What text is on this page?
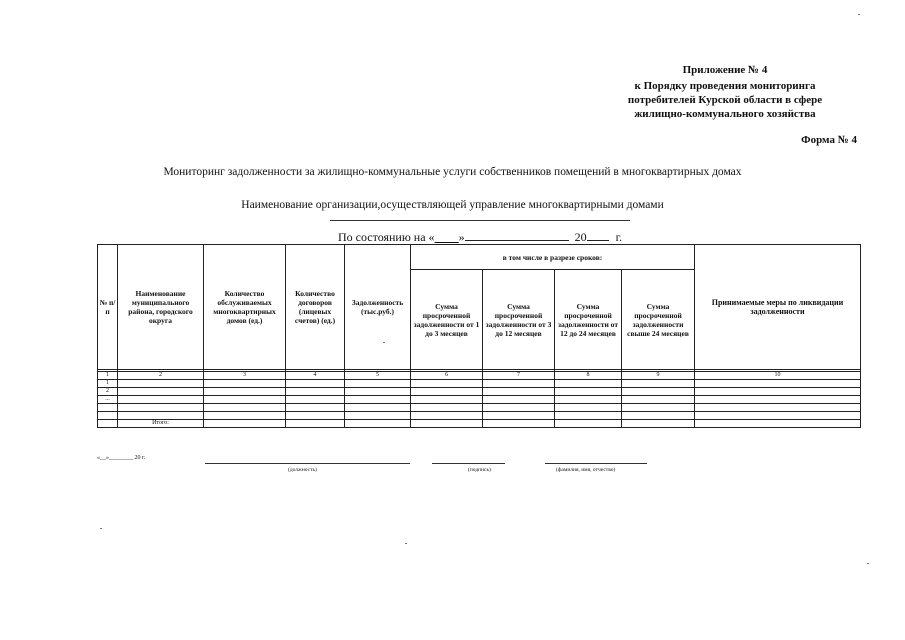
Приложение № 4
к Порядку проведения мониторинга
потребителей Курской области в сфере
жилищно-коммунального хозяйства
Форма № 4
Мониторинг задолженности за жилищно-коммунальные услуги собственников помещений в многоквартирных домах
Наименование организации,осуществляющей управление многоквартирными домами
По состоянию на «____»	20 г.
№ п/п	Наименование муниципального района, городского округа	Количество обслуживаемых многоквартирных домов (ед.)	Количество договоров (лицевых счетов) (ед.)	Задолженность (тыс.руб.)	в том числе в разрезе сроков:				Принимаемые меры по ликвидации задолженности
					Сумма просроченной задолженности от 1 до 3 месяцев	Сумма просроченной задолженности от 3 до 12 месяцев	Сумма просроченной задолженности от 12 до 24 месяцев	Сумма просроченной задолженности свыше 24 месяцев	

1	2	3	4	5	6	7	8	9	10
1									
2									
...									

	Итого:								
«__»________ 20 г.
(должность)	(подпись)	(фамилия, имя, отчество)
